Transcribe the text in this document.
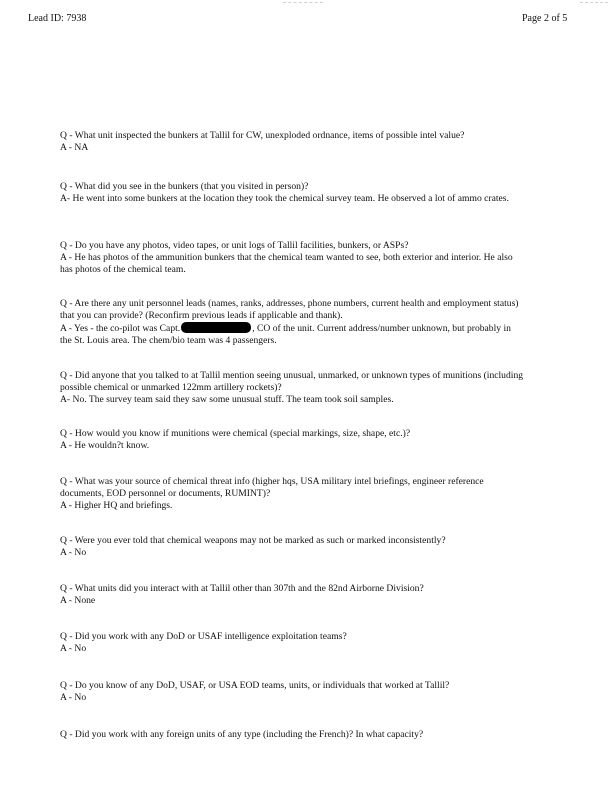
Lead ID: 7938	Page 2 of 5

Q - What unit inspected the bunkers at Tallil for CW, unexploded ordnance, items of possible intel value?

A - NA

Q - What did you see in the bunkers (that you visited in person)?

A- He went into some bunkers at the location they took the chemical survey team. He observed a lot of ammo crates.

Q - Do you have any photos, video tapes, or unit logs of Tallil facilities, bunkers, or ASPs?

A - He has photos of the ammunition bunkers that the chemical team wanted to see, both exterior and interior. He also has photos of the chemical team.

Q - Are there any unit personnel leads (names, ranks, addresses, phone numbers, current health and employment status) that you can provide? (Reconfirm previous leads if applicable and thank).

A - Yes - the co-pilot was Capt.	, CO of the unit. Current address/number unknown, but probably in the St. Louis area. The chem/bio team was 4 passengers.

Q - Did anyone that you talked to at Tallil mention seeing unusual, unmarked, or unknown types of munitions (including possible chemical or unmarked 122mm artillery rockets)?

A- No. The survey team said they saw some unusual stuff. The team took soil samples.

Q - How would you know if munitions were chemical (special markings, size, shape, etc.)?

A - He wouldn?t know.

Q - What was your source of chemical threat info (higher hqs, USA military intel briefings, engineer reference documents, EOD personnel or documents, RUMINT)?

A - Higher HQ and briefings.

Q - Were you ever told that chemical weapons may not be marked as such or marked inconsistently?

A - No

Q - What units did you interact with at Tallil other than 307th and the 82nd Airborne Division?

A - None

Q - Did you work with any DoD or USAF intelligence exploitation teams?

A - No

Q - Do you know of any DoD, USAF, or USA EOD teams, units, or individuals that worked at Tallil?

A - No

Q - Did you work with any foreign units of any type (including the French)? In what capacity?
